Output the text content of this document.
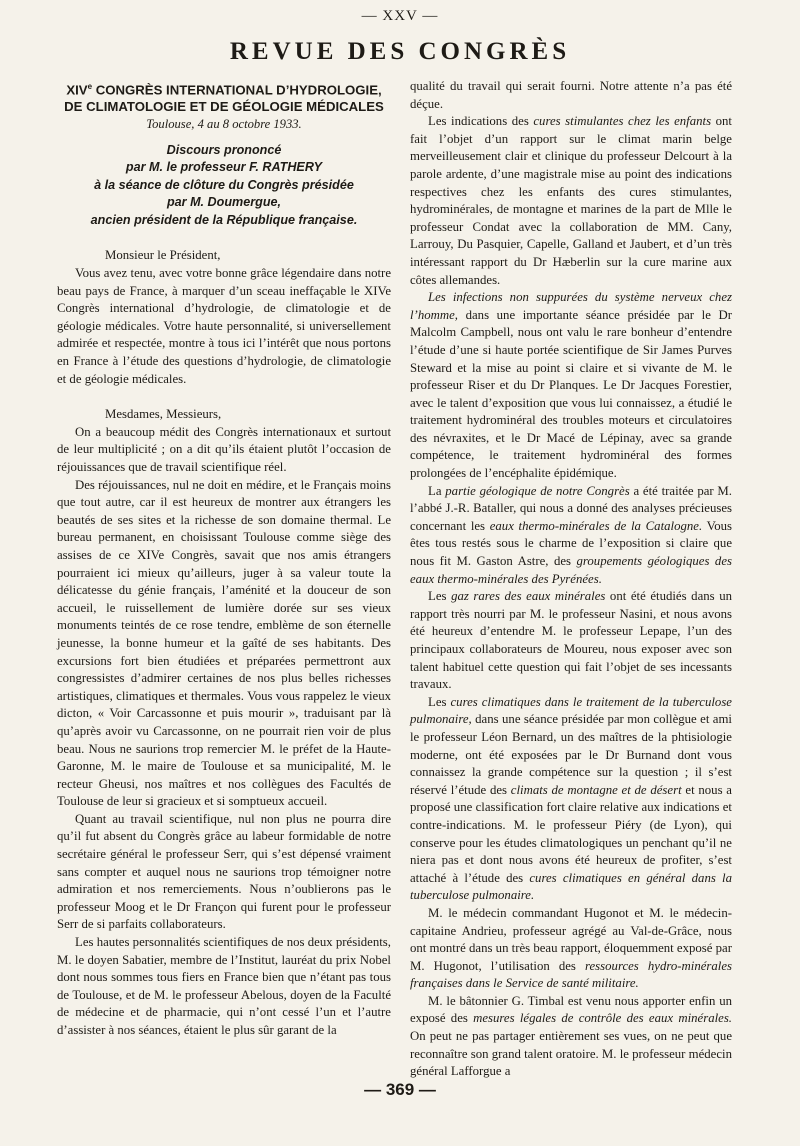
— XXV —
REVUE DES CONGRÈS
XIVe CONGRÈS INTERNATIONAL D’HYDROLOGIE,
DE CLIMATOLOGIE ET DE GÉOLOGIE MÉDICALES
Toulouse, 4 au 8 octobre 1933.
Discours prononcé
par M. le professeur F. RATHERY
à la séance de clôture du Congrès présidée
par M. Doumergue,
ancien président de la République française.

Monsieur le Président,

Vous avez tenu, avec votre bonne grâce légendaire dans notre beau pays de France, à marquer d’un sceau ineffaçable le XIVe Congrès international d’hydrologie, de climatologie et de géologie médicales. Votre haute personnalité, si universellement admirée et respectée, montre à tous ici l’intérêt que nous portons en France à l’étude des questions d’hydrologie, de climatologie et de géologie médicales.

Mesdames, Messieurs,

On a beaucoup médit des Congrès internationaux et surtout de leur multiplicité ; on a dit qu’ils étaient plutôt l’occasion de réjouissances que de travail scientifique réel.

Des réjouissances, nul ne doit en médire, et le Français moins que tout autre, car il est heureux de montrer aux étrangers les beautés de ses sites et la richesse de son domaine thermal. Le bureau permanent, en choisissant Toulouse comme siège des assises de ce XIVe Congrès, savait que nos amis étrangers pourraient ici mieux qu’ailleurs, juger à sa valeur toute la délicatesse du génie français, l’aménité et la douceur de son accueil, le ruissellement de lumière dorée sur ses vieux monuments teintés de ce rose tendre, emblème de son éternelle jeunesse, la bonne humeur et la gaîté de ses habitants. Des excursions fort bien étudiées et préparées permettront aux congressistes d’admirer certaines de nos plus belles richesses artistiques, climatiques et thermales. Vous vous rappelez le vieux dicton, « Voir Carcassonne et puis mourir », traduisant par là qu’après avoir vu Carcassonne, on ne pourrait rien voir de plus beau. Nous ne saurions trop remercier M. le préfet de la Haute-Garonne, M. le maire de Toulouse et sa municipalité, M. le recteur Gheusi, nos maîtres et nos collègues des Facultés de Toulouse de leur si gracieux et si somptueux accueil.

Quant au travail scientifique, nul non plus ne pourra dire qu’il fut absent du Congrès grâce au labeur formidable de notre secrétaire général le professeur Serr, qui s’est dépensé vraiment sans compter et auquel nous ne saurions trop témoigner notre admiration et nos remerciements. Nous n’oublierons pas le professeur Moog et le Dr Françon qui furent pour le professeur Serr de si parfaits collaborateurs.

Les hautes personnalités scientifiques de nos deux présidents, M. le doyen Sabatier, membre de l’Institut, lauréat du prix Nobel dont nous sommes tous fiers en France bien que n’étant pas tous de Toulouse, et de M. le professeur Abelous, doyen de la Faculté de médecine et de pharmacie, qui n’ont cessé l’un et l’autre d’assister à nos séances, étaient le plus sûr garant de la

qualité du travail qui serait fourni. Notre attente n’a pas été déçue.

Les indications des cures stimulantes chez les enfants ont fait l’objet d’un rapport sur le climat marin belge merveilleusement clair et clinique du professeur Delcourt à la parole ardente, d’une magistrale mise au point des indications respectives chez les enfants des cures stimulantes, hydrominérales, de montagne et marines de la part de Mlle le professeur Condat avec la collaboration de MM. Cany, Larrouy, Du Pasquier, Capelle, Galland et Jaubert, et d’un très intéressant rapport du Dr Hæberlin sur la cure marine aux côtes allemandes.

Les infections non suppurées du système nerveux chez l’homme, dans une importante séance présidée par le Dr Malcolm Campbell, nous ont valu le rare bonheur d’entendre l’étude d’une si haute portée scientifique de Sir James Purves Steward et la mise au point si claire et si vivante de M. le professeur Riser et du Dr Planques. Le Dr Jacques Forestier, avec le talent d’exposition que vous lui connaissez, a étudié le traitement hydrominéral des troubles moteurs et circulatoires des névraxites, et le Dr Macé de Lépinay, avec sa grande compétence, le traitement hydrominéral des formes prolongées de l’encéphalite épidémique.

La partie géologique de notre Congrès a été traitée par M. l’abbé J.-R. Bataller, qui nous a donné des analyses précieuses concernant les eaux thermo-minérales de la Catalogne. Vous êtes tous restés sous le charme de l’exposition si claire que nous fit M. Gaston Astre, des groupements géologiques des eaux thermo-minérales des Pyrénées.

Les gaz rares des eaux minérales ont été étudiés dans un rapport très nourri par M. le professeur Nasini, et nous avons été heureux d’entendre M. le professeur Lepape, l’un des principaux collaborateurs de Moureu, nous exposer avec son talent habituel cette question qui fait l’objet de ses incessants travaux.

Les cures climatiques dans le traitement de la tuberculose pulmonaire, dans une séance présidée par mon collègue et ami le professeur Léon Bernard, un des maîtres de la phtisiologie moderne, ont été exposées par le Dr Burnand dont vous connaissez la grande compétence sur la question ; il s’est réservé l’étude des climats de montagne et de désert et nous a proposé une classification fort claire relative aux indications et contre-indications. M. le professeur Piéry (de Lyon), qui conserve pour les études climatologiques un penchant qu’il ne niera pas et dont nous avons été heureux de profiter, s’est attaché à l’étude des cures climatiques en général dans la tuberculose pulmonaire.

M. le médecin commandant Hugonot et M. le médecin-capitaine Andrieu, professeur agrégé au Val-de-Grâce, nous ont montré dans un très beau rapport, éloquemment exposé par M. Hugonot, l’utilisation des ressources hydro-minérales françaises dans le Service de santé militaire.

M. le bâtonnier G. Timbal est venu nous apporter enfin un exposé des mesures légales de contrôle des eaux minérales. On peut ne pas partager entièrement ses vues, on ne peut que reconnaître son grand talent oratoire. M. le professeur médecin général Lafforgue a

— 369 —
